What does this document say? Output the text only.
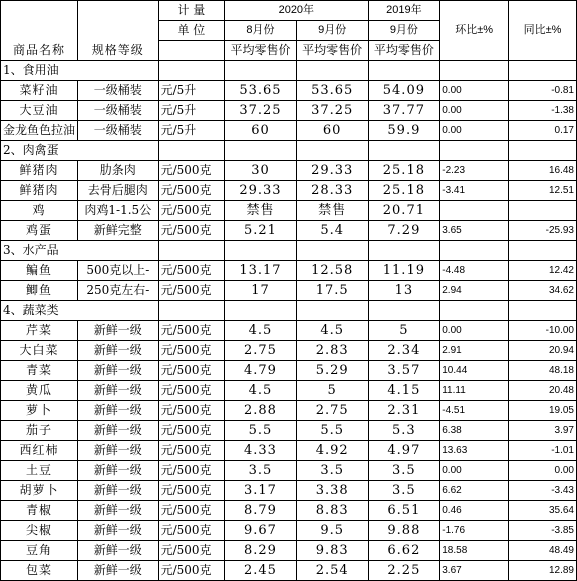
		计 量	2020年		2019年	环比±%	同比±%
		单 位	8月份	9月份	9月份		
商品名称	规格等级		平均零售价	平均零售价	平均零售价		
1、食用油							
菜籽油	一级桶装	元/5升	53.65	53.65	54.09	0.00	-0.81
大豆油	一级桶装	元/5升	37.25	37.25	37.77	0.00	-1.38
金龙鱼色拉油	一级桶装	元/5升	60	60	59.9	0.00	0.17
2、肉禽蛋							
鲜猪肉	肋条肉	元/500克	30	29.33	25.18	-2.23	16.48
鲜猪肉	去骨后腿肉	元/500克	29.33	28.33	25.18	-3.41	12.51
鸡	肉鸡1-1.5公	元/500克	禁售	禁售	20.71		
鸡蛋	新鲜完整	元/500克	5.21	5.4	7.29	3.65	-25.93
3、水产品							
鳊鱼	500克以上-	元/500克	13.17	12.58	11.19	-4.48	12.42
鲫鱼	250克左右-	元/500克	17	17.5	13	2.94	34.62
4、蔬菜类							
芹菜	新鲜一级	元/500克	4.5	4.5	5	0.00	-10.00
大白菜	新鲜一级	元/500克	2.75	2.83	2.34	2.91	20.94
青菜	新鲜一级	元/500克	4.79	5.29	3.57	10.44	48.18
黄瓜	新鲜一级	元/500克	4.5	5	4.15	11.11	20.48
萝卜	新鲜一级	元/500克	2.88	2.75	2.31	-4.51	19.05
茄子	新鲜一级	元/500克	5.5	5.5	5.3	6.38	3.97
西红柿	新鲜一级	元/500克	4.33	4.92	4.97	13.63	-1.01
土豆	新鲜一级	元/500克	3.5	3.5	3.5	0.00	0.00
胡萝卜	新鲜一级	元/500克	3.17	3.38	3.5	6.62	-3.43
青椒	新鲜一级	元/500克	8.79	8.83	6.51	0.46	35.64
尖椒	新鲜一级	元/500克	9.67	9.5	9.88	-1.76	-3.85
豆角	新鲜一级	元/500克	8.29	9.83	6.62	18.58	48.49
包菜	新鲜一级	元/500克	2.45	2.54	2.25	3.67	12.89
